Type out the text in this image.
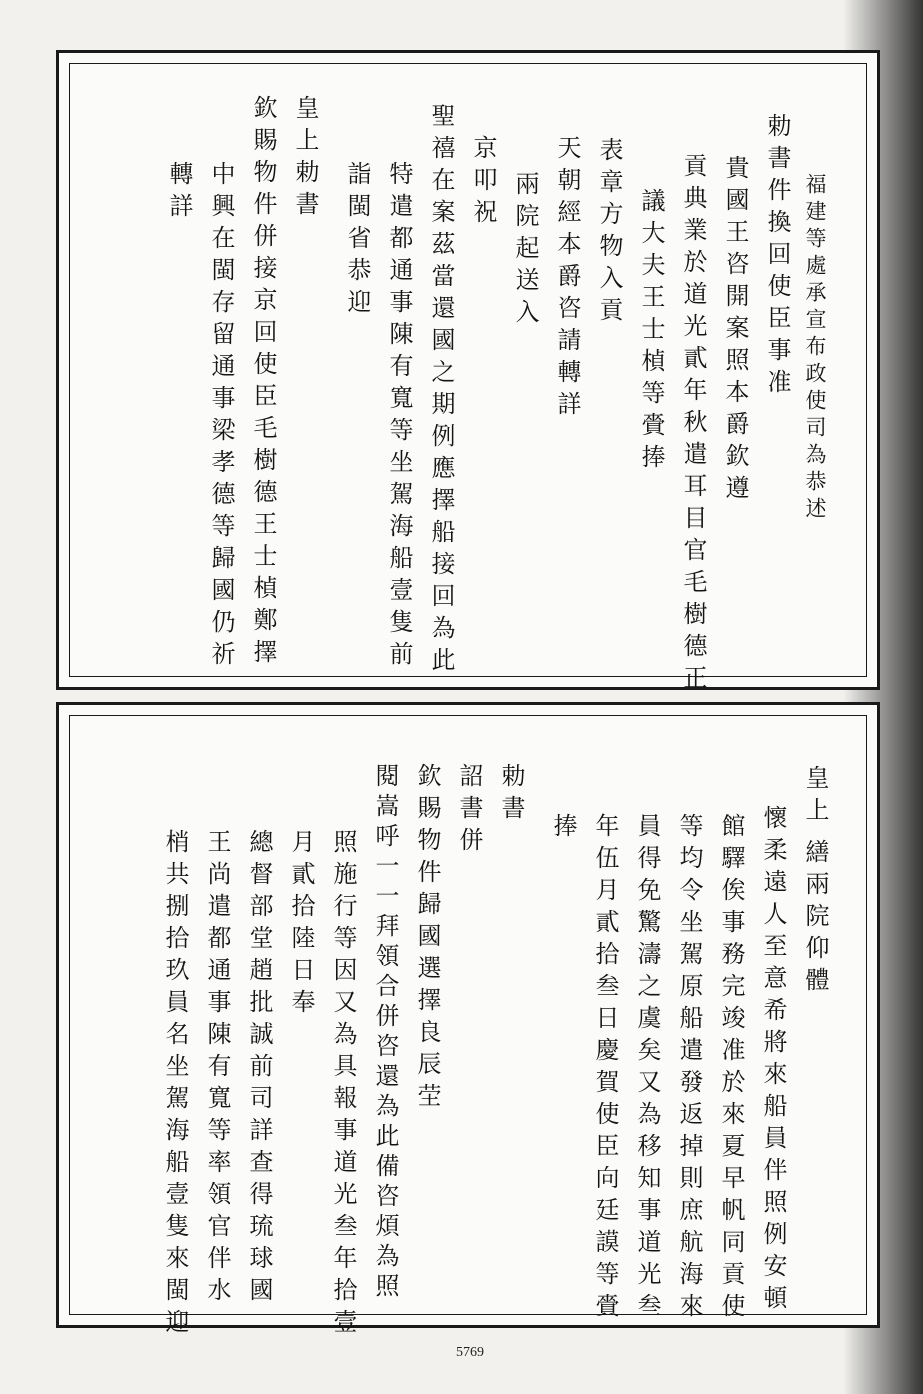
福建等處承宣布政使司為恭述
勅書件換回使臣事准
貴國王咨開案照本爵欽遵
貢典業於道光貳年秋遣耳目官毛樹德正
議大夫王士楨等賫捧
表章方物入貢
天朝經本爵咨請轉詳
兩院起送入
京叩祝
聖禧在案茲當還國之期例應擇船接回為此
特遣都通事陳有寬等坐駕海船壹隻前
詣閩省恭迎
皇上勅書
欽賜物件併接京回使臣毛樹德王士楨鄭擇
中興在閩存留通事梁孝德等歸國仍祈
轉詳
皇上
繕兩院仰體
懷柔遠人至意希將來船員伴照例安頓
館驛俟事務完竣准於來夏早帆同貢使
等均令坐駕原船遣發返掉則庶航海來
員得免驚濤之虞矣又為移知事道光叁
年伍月貳拾叁日慶賀使臣向廷謨等賫
捧
勅書
詔書併
欽賜物件歸國選擇良辰茔
閱嵩呼一一拜領合併咨還為此備咨煩為照
照施行等因又為具報事道光叁年拾壹
月貳拾陸日奉
總督部堂趙批誠前司詳查得琉球國
王尚遣都通事陳有寬等率領官伴水
梢共捌拾玖員名坐駕海船壹隻來閩迎
5769
